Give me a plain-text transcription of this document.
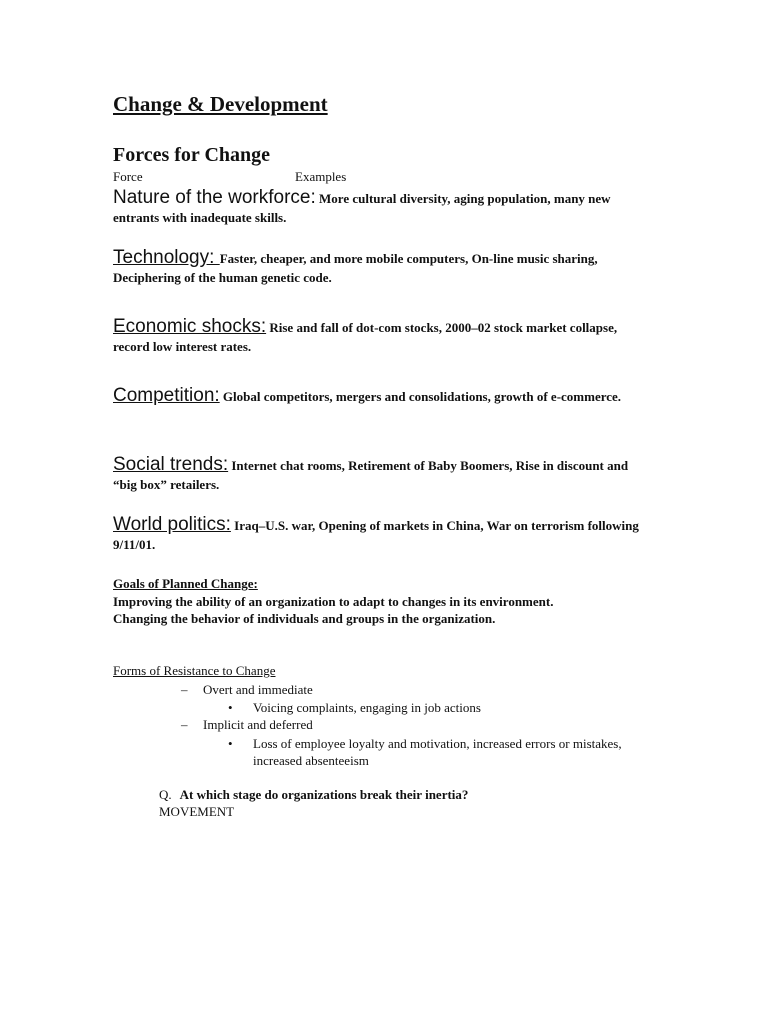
Change & Development
Forces for Change
Force	Examples
Nature of the workforce: More cultural diversity, aging population, many new entrants with inadequate skills.
Technology: Faster, cheaper, and more mobile computers, On-line music sharing, Deciphering of the human genetic code.
Economic shocks: Rise and fall of dot-com stocks, 2000–02 stock market collapse, record low interest rates.
Competition: Global competitors, mergers and consolidations, growth of e-commerce.
Social trends: Internet chat rooms, Retirement of Baby Boomers, Rise in discount and “big box” retailers.
World politics: Iraq–U.S. war, Opening of markets in China, War on terrorism following 9/11/01.
Goals of Planned Change:
Improving the ability of an organization to adapt to changes in its environment.
Changing the behavior of individuals and groups in the organization.
Forms of Resistance to Change
– Overt and immediate
• Voicing complaints, engaging in job actions
– Implicit and deferred
• Loss of employee loyalty and motivation, increased errors or mistakes, increased absenteeism
Q. At which stage do organizations break their inertia?
MOVEMENT
